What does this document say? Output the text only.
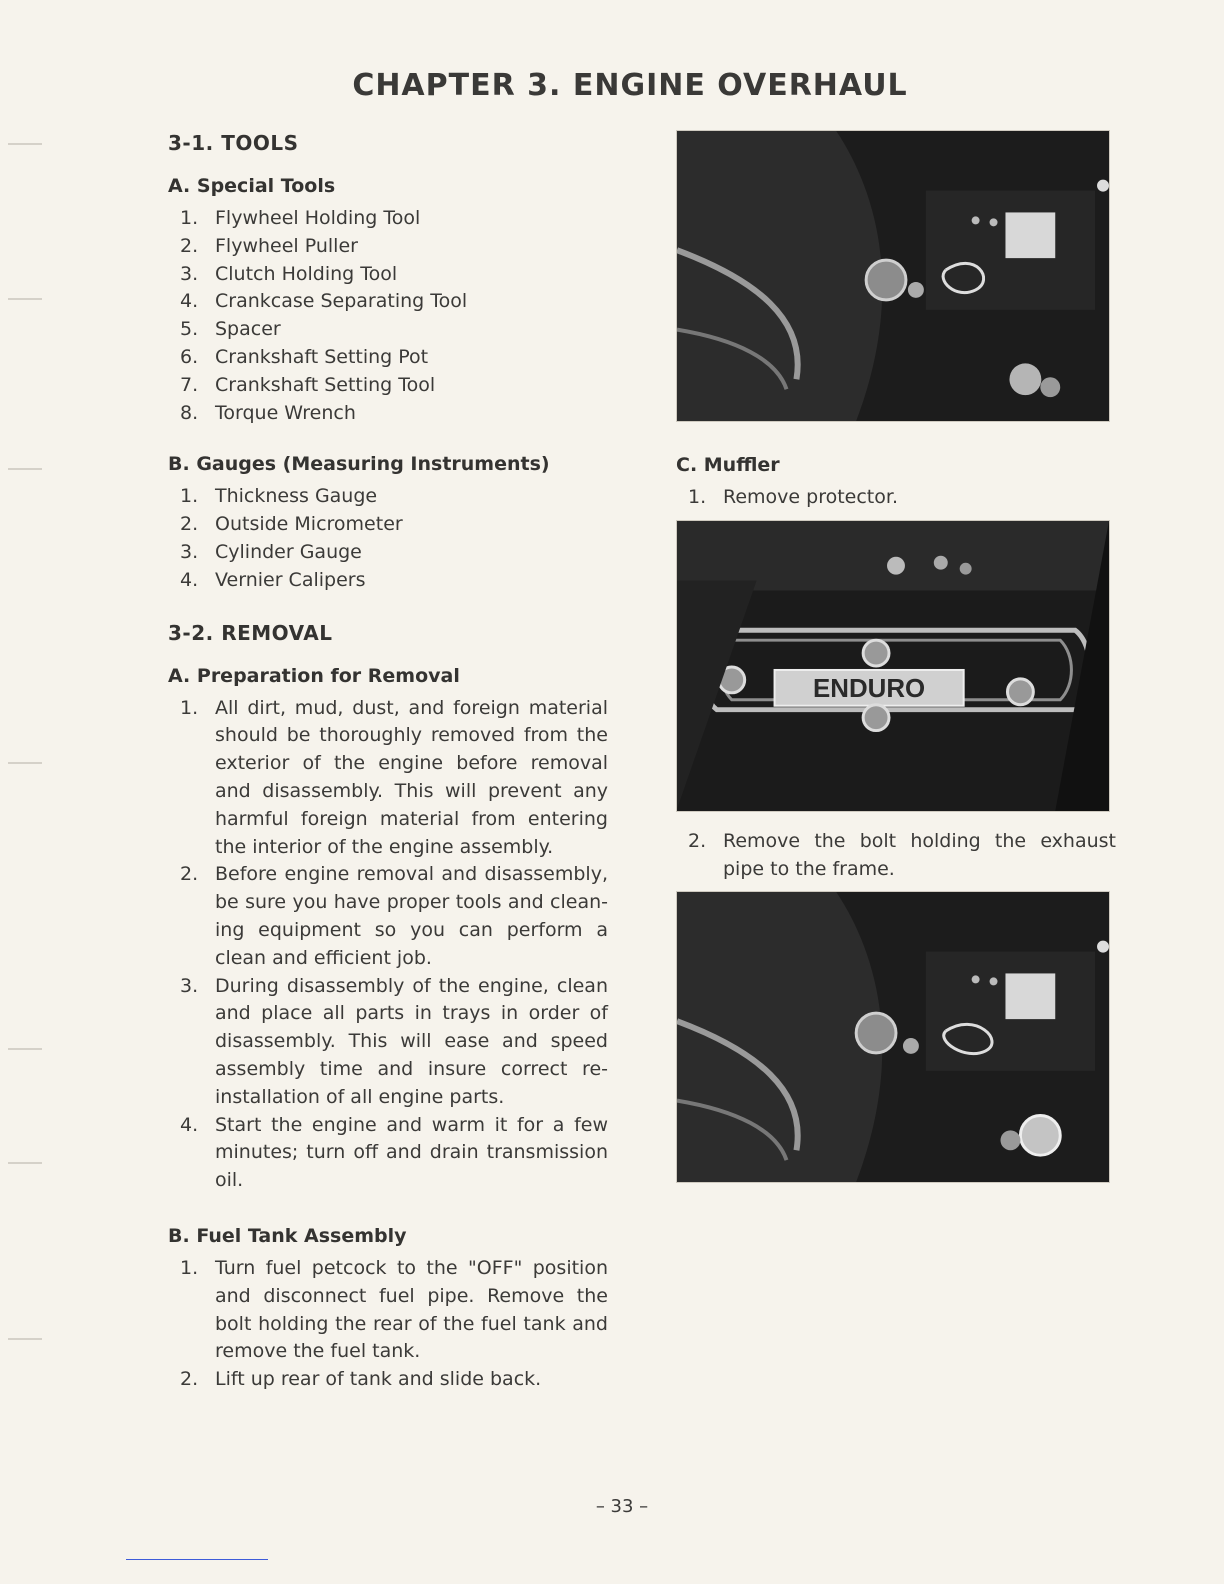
CHAPTER 3. ENGINE OVERHAUL
3-1. TOOLS
A. Special Tools
1. Flywheel Holding Tool
2. Flywheel Puller
3. Clutch Holding Tool
4. Crankcase Separating Tool
5. Spacer
6. Crankshaft Setting Pot
7. Crankshaft Setting Tool
8. Torque Wrench
B. Gauges (Measuring Instruments)
1. Thickness Gauge
2. Outside Micrometer
3. Cylinder Gauge
4. Vernier Calipers
3-2. REMOVAL
A. Preparation for Removal
1. All dirt, mud, dust, and foreign material should be thoroughly removed from the exterior of the engine before removal and disassembly. This will prevent any harmful foreign material from entering the interior of the engine assembly.
2. Before engine removal and disassembly, be sure you have proper tools and clean- ing equipment so you can perform a clean and efficient job.
3. During disassembly of the engine, clean and place all parts in trays in order of disassembly. This will ease and speed assembly time and insure correct re-installation of all engine parts.
4. Start the engine and warm it for a few minutes; turn off and drain transmission oil.
B. Fuel Tank Assembly
1. Turn fuel petcock to the "OFF" position and disconnect fuel pipe. Remove the bolt holding the rear of the fuel tank and remove the fuel tank.
2. Lift up rear of tank and slide back.
C. Muffler
1. Remove protector.
ENDURO
2. Remove the bolt holding the exhaust pipe to the frame.
– 33 –
